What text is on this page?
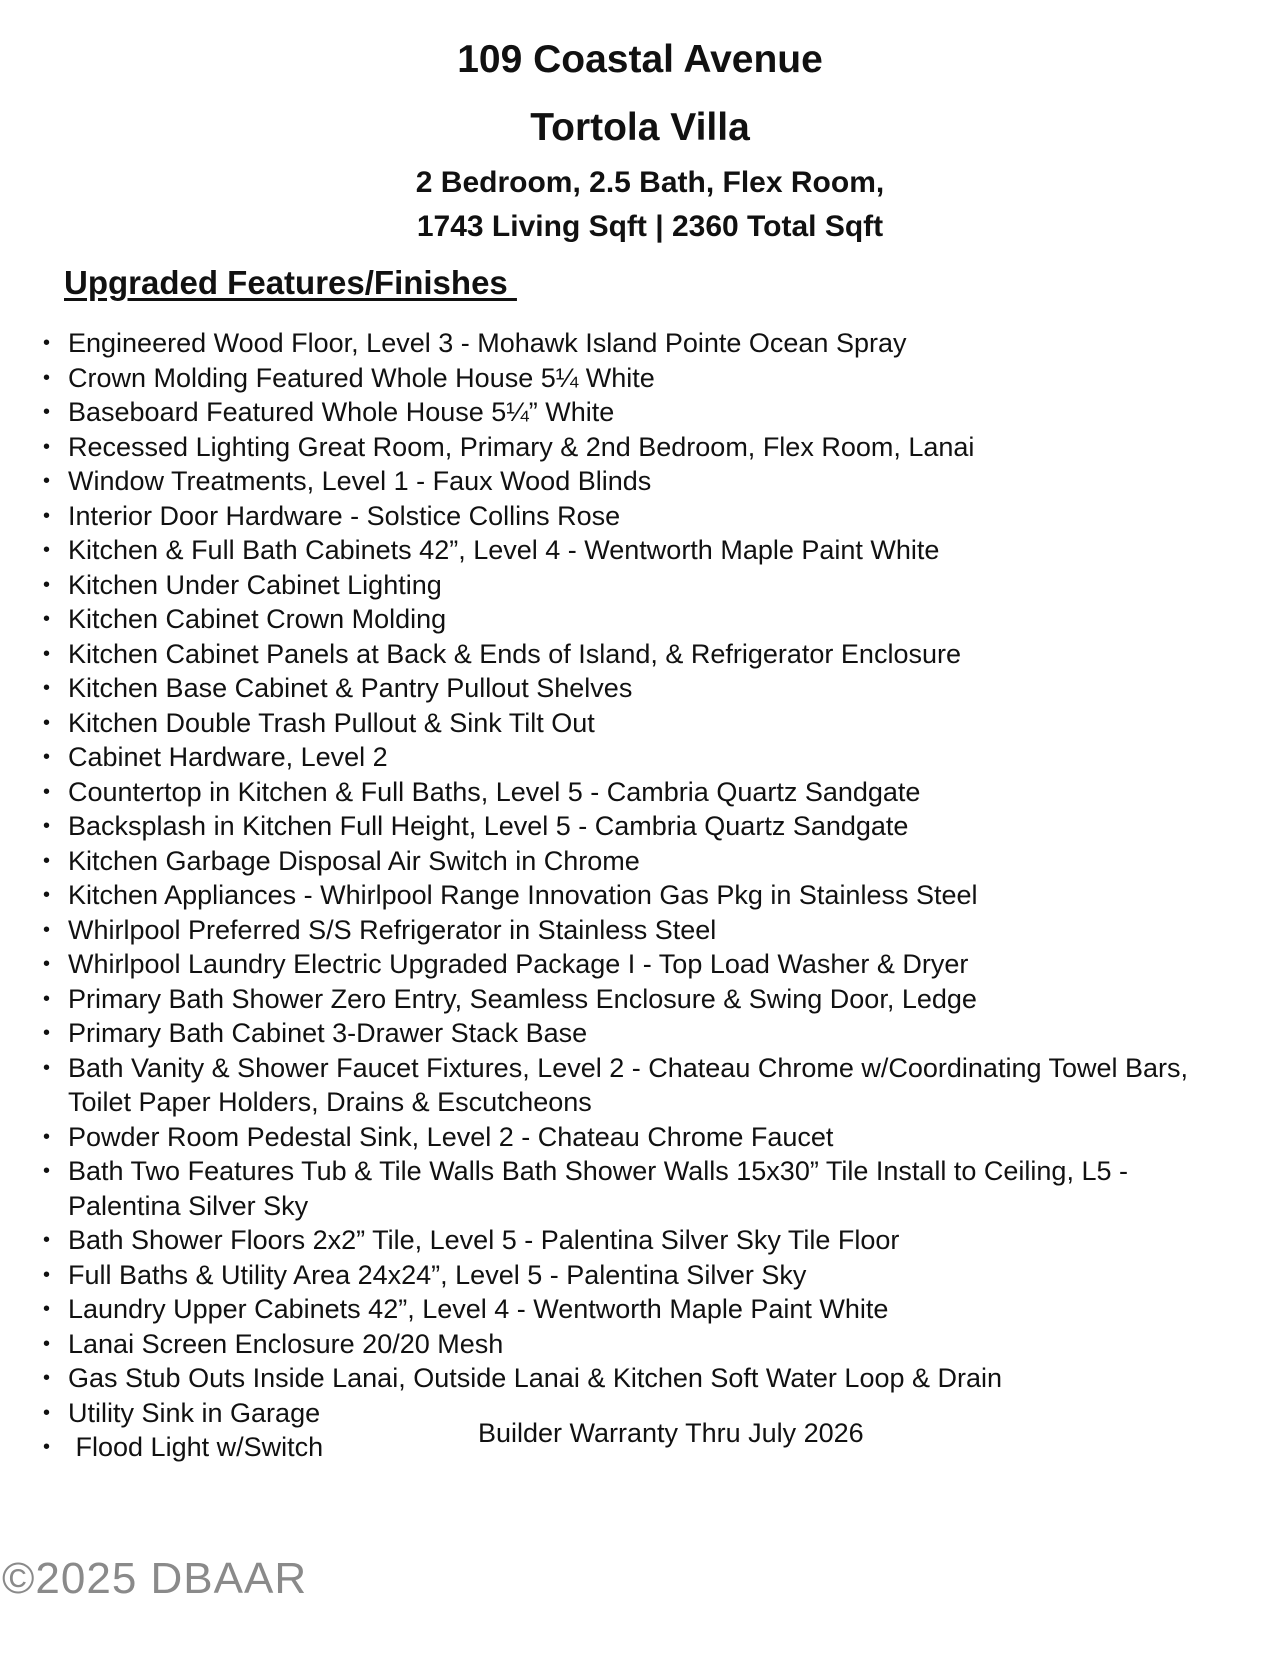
109 Coastal Avenue
Tortola Villa
2 Bedroom, 2.5 Bath, Flex Room,
1743 Living Sqft | 2360 Total Sqft
Upgraded Features/Finishes
• Engineered Wood Floor, Level 3 - Mohawk Island Pointe Ocean Spray
• Crown Molding Featured Whole House 5¼ White
• Baseboard Featured Whole House 5¼” White
• Recessed Lighting Great Room, Primary & 2nd Bedroom, Flex Room, Lanai
• Window Treatments, Level 1 - Faux Wood Blinds
• Interior Door Hardware - Solstice Collins Rose
• Kitchen & Full Bath Cabinets 42”, Level 4 - Wentworth Maple Paint White
• Kitchen Under Cabinet Lighting
• Kitchen Cabinet Crown Molding
• Kitchen Cabinet Panels at Back & Ends of Island, & Refrigerator Enclosure
• Kitchen Base Cabinet & Pantry Pullout Shelves
• Kitchen Double Trash Pullout & Sink Tilt Out
• Cabinet Hardware, Level 2
• Countertop in Kitchen & Full Baths, Level 5 - Cambria Quartz Sandgate
• Backsplash in Kitchen Full Height, Level 5 - Cambria Quartz Sandgate
• Kitchen Garbage Disposal Air Switch in Chrome
• Kitchen Appliances - Whirlpool Range Innovation Gas Pkg in Stainless Steel
• Whirlpool Preferred S/S Refrigerator in Stainless Steel
• Whirlpool Laundry Electric Upgraded Package I - Top Load Washer & Dryer
• Primary Bath Shower Zero Entry, Seamless Enclosure & Swing Door, Ledge
• Primary Bath Cabinet 3-Drawer Stack Base
• Bath Vanity & Shower Faucet Fixtures, Level 2 - Chateau Chrome w/Coordinating Towel Bars, Toilet Paper Holders, Drains & Escutcheons
• Powder Room Pedestal Sink, Level 2 - Chateau Chrome Faucet
• Bath Two Features Tub & Tile Walls Bath Shower Walls 15x30” Tile Install to Ceiling, L5 - Palentina Silver Sky
• Bath Shower Floors 2x2” Tile, Level 5 - Palentina Silver Sky Tile Floor
• Full Baths & Utility Area 24x24”, Level 5 - Palentina Silver Sky
• Laundry Upper Cabinets 42”, Level 4 - Wentworth Maple Paint White
• Lanai Screen Enclosure 20/20 Mesh
• Gas Stub Outs Inside Lanai, Outside Lanai & Kitchen Soft Water Loop & Drain
• Utility Sink in Garage
• Flood Light w/Switch	Builder Warranty Thru July 2026

©2025 DBAAR
